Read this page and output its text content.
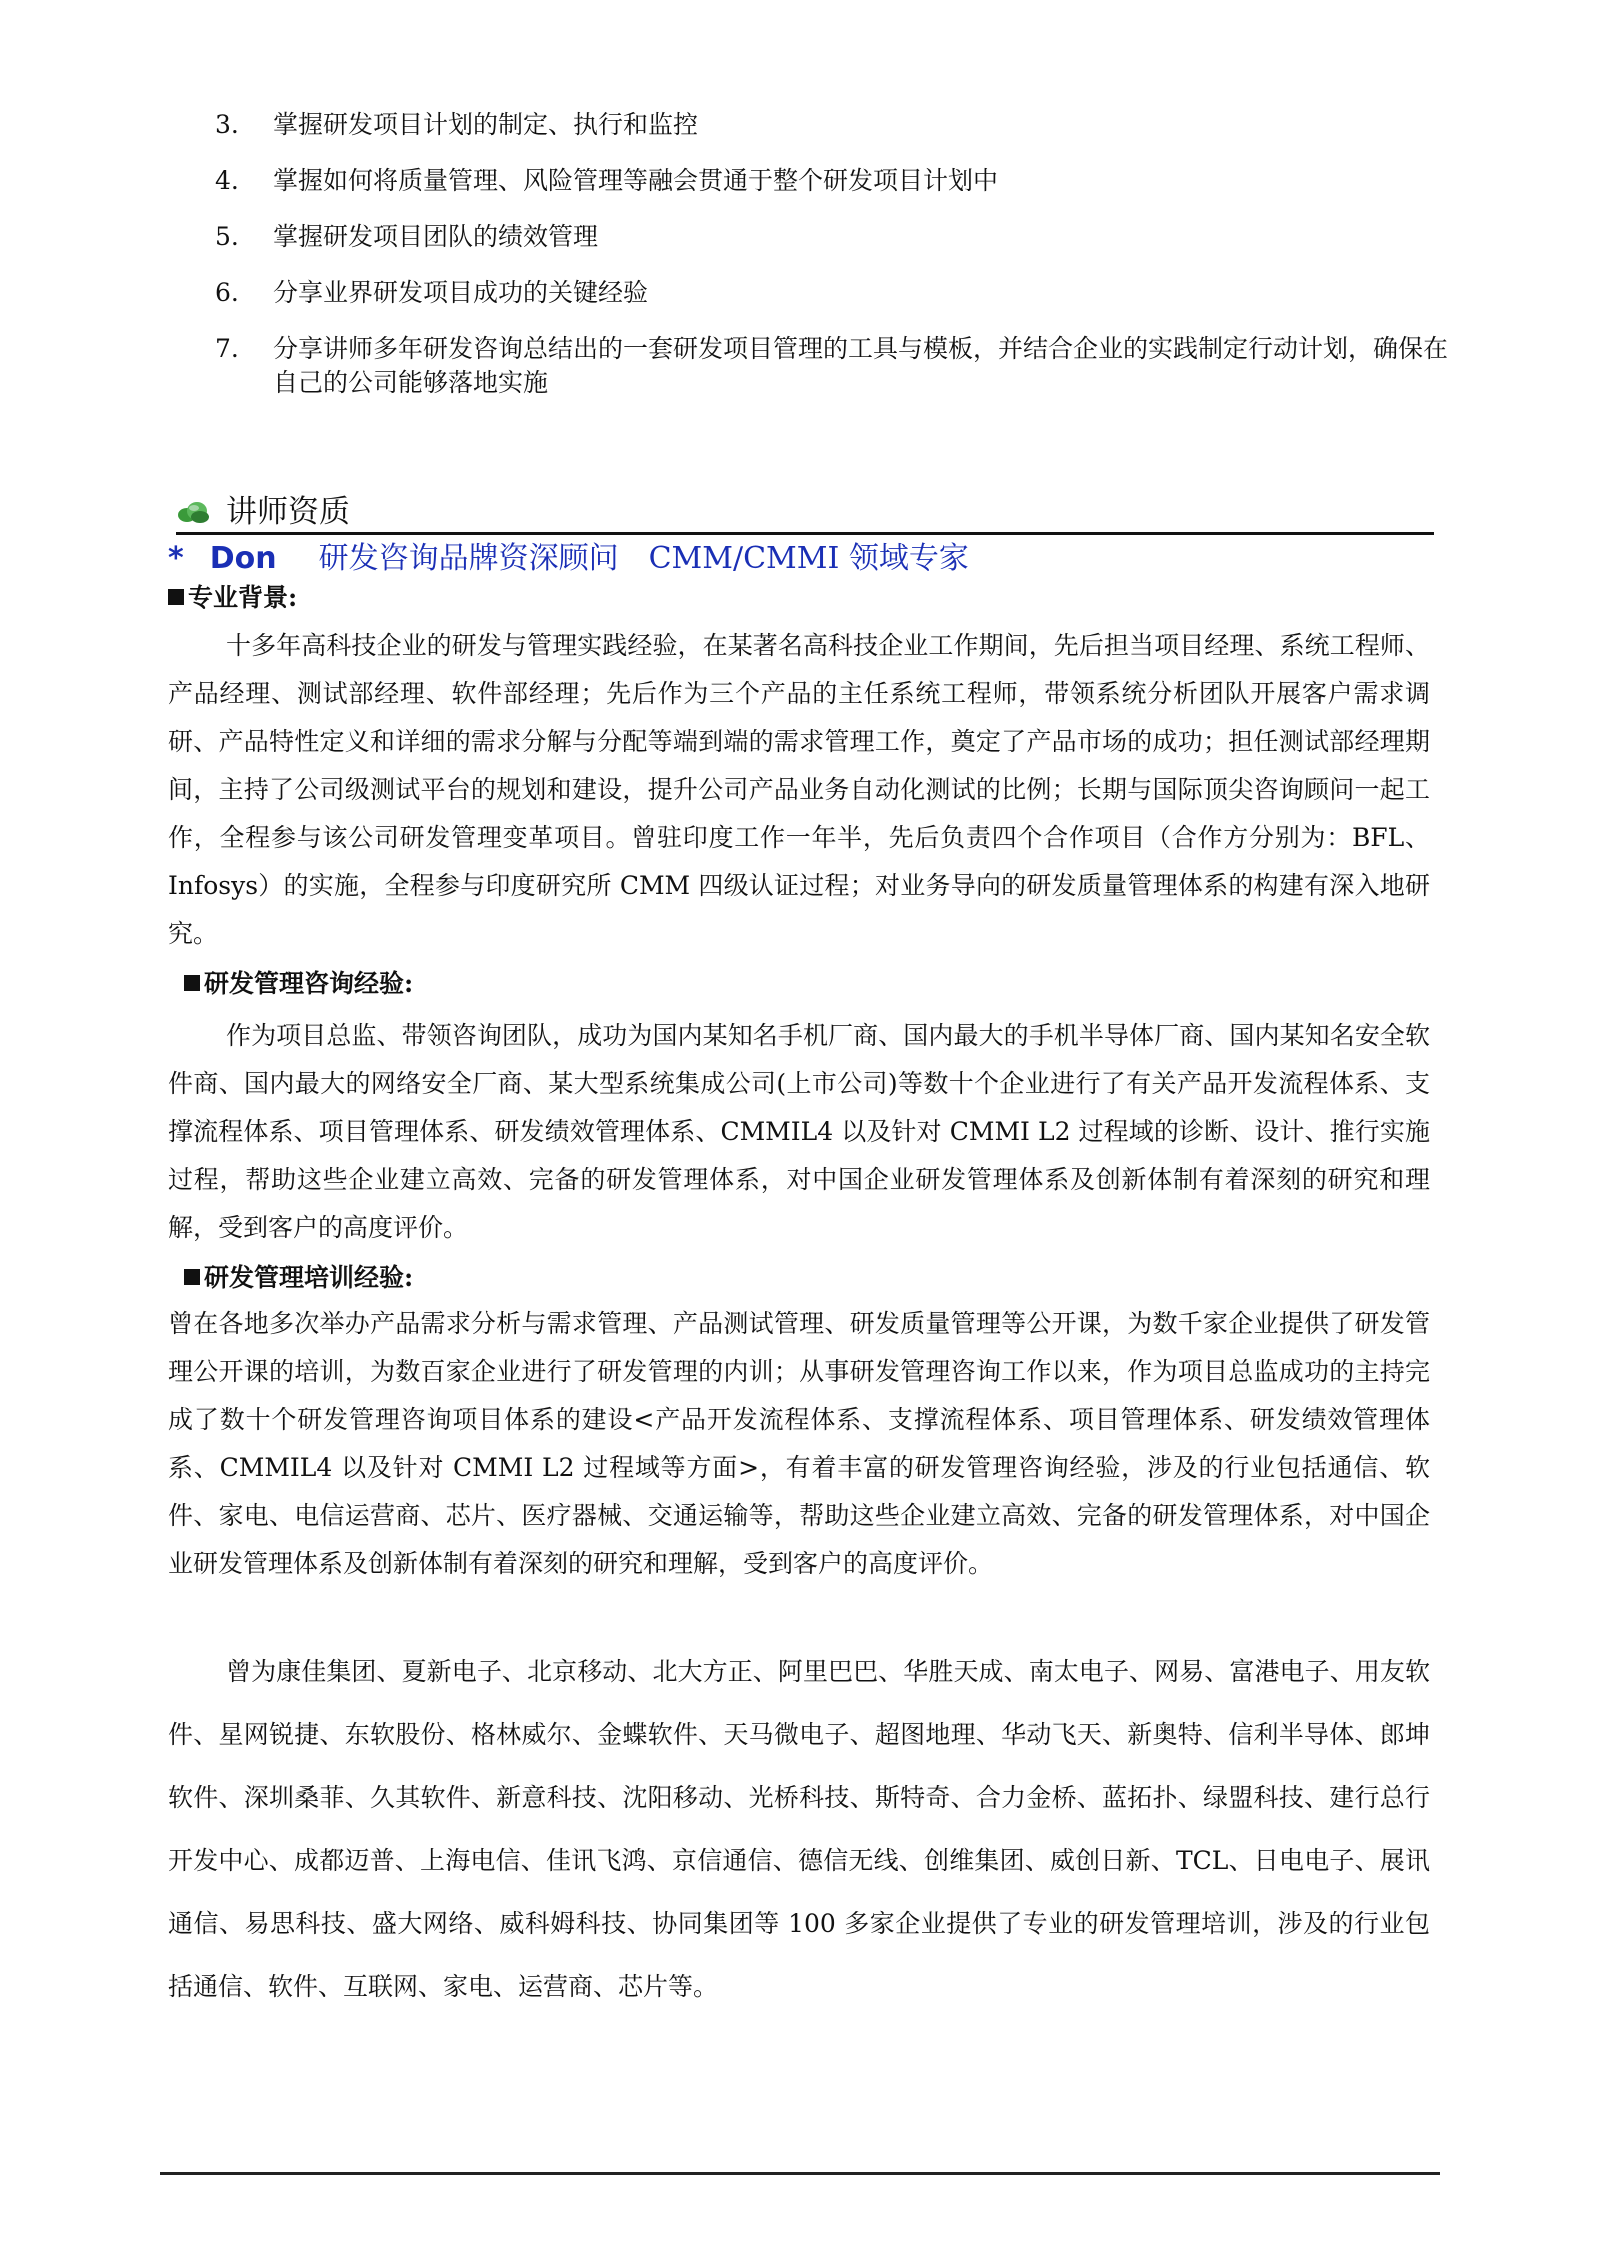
3. 掌握研发项目计划的制定、执行和监控
4. 掌握如何将质量管理、风险管理等融会贯通于整个研发项目计划中
5. 掌握研发项目团队的绩效管理
6. 分享业界研发项目成功的关键经验
7. 分享讲师多年研发咨询总结出的一套研发项目管理的工具与模板，并结合企业的实践制定行动计划，确保在自己的公司能够落地实施
讲师资质
* Don 研发咨询品牌资深顾问 CMM/CMMI 领域专家
专业背景:

十多年高科技企业的研发与管理实践经验，在某著名高科技企业工作期间，先后担当项目经理、系统工程师、产品经理、测试部经理、软件部经理；先后作为三个产品的主任系统工程师，带领系统分析团队开展客户需求调研、产品特性定义和详细的需求分解与分配等端到端的需求管理工作，奠定了产品市场的成功；担任测试部经理期间，主持了公司级测试平台的规划和建设，提升公司产品业务自动化测试的比例；长期与国际顶尖咨询顾问一起工作，全程参与该公司研发管理变革项目。曾驻印度工作一年半，先后负责四个合作项目（合作方分别为：BFL、Infosys）的实施，全程参与印度研究所 CMM 四级认证过程；对业务导向的研发质量管理体系的构建有深入地研究。

研发管理咨询经验:

作为项目总监、带领咨询团队，成功为国内某知名手机厂商、国内最大的手机半导体厂商、国内某知名安全软件商、国内最大的网络安全厂商、某大型系统集成公司(上市公司)等数十个企业进行了有关产品开发流程体系、支撑流程体系、项目管理体系、研发绩效管理体系、CMMIL4 以及针对 CMMI L2 过程域的诊断、设计、推行实施过程，帮助这些企业建立高效、完备的研发管理体系，对中国企业研发管理体系及创新体制有着深刻的研究和理解，受到客户的高度评价。

研发管理培训经验:

曾在各地多次举办产品需求分析与需求管理、产品测试管理、研发质量管理等公开课，为数千家企业提供了研发管理公开课的培训，为数百家企业进行了研发管理的内训；从事研发管理咨询工作以来，作为项目总监成功的主持完成了数十个研发管理咨询项目体系的建设<产品开发流程体系、支撑流程体系、项目管理体系、研发绩效管理体系、CMMIL4 以及针对 CMMI L2 过程域等方面>，有着丰富的研发管理咨询经验，涉及的行业包括通信、软件、家电、电信运营商、芯片、医疗器械、交通运输等，帮助这些企业建立高效、完备的研发管理体系，对中国企业研发管理体系及创新体制有着深刻的研究和理解，受到客户的高度评价。

曾为康佳集团、夏新电子、北京移动、北大方正、阿里巴巴、华胜天成、南太电子、网易、富港电子、用友软件、星网锐捷、东软股份、格林威尔、金蝶软件、天马微电子、超图地理、华动飞天、新奥特、信利半导体、郎坤软件、深圳桑菲、久其软件、新意科技、沈阳移动、光桥科技、斯特奇、合力金桥、蓝拓扑、绿盟科技、建行总行开发中心、成都迈普、上海电信、佳讯飞鸿、京信通信、德信无线、创维集团、威创日新、TCL、日电电子、展讯通信、易思科技、盛大网络、威科姆科技、协同集团等 100 多家企业提供了专业的研发管理培训，涉及的行业包括通信、软件、互联网、家电、运营商、芯片等。
